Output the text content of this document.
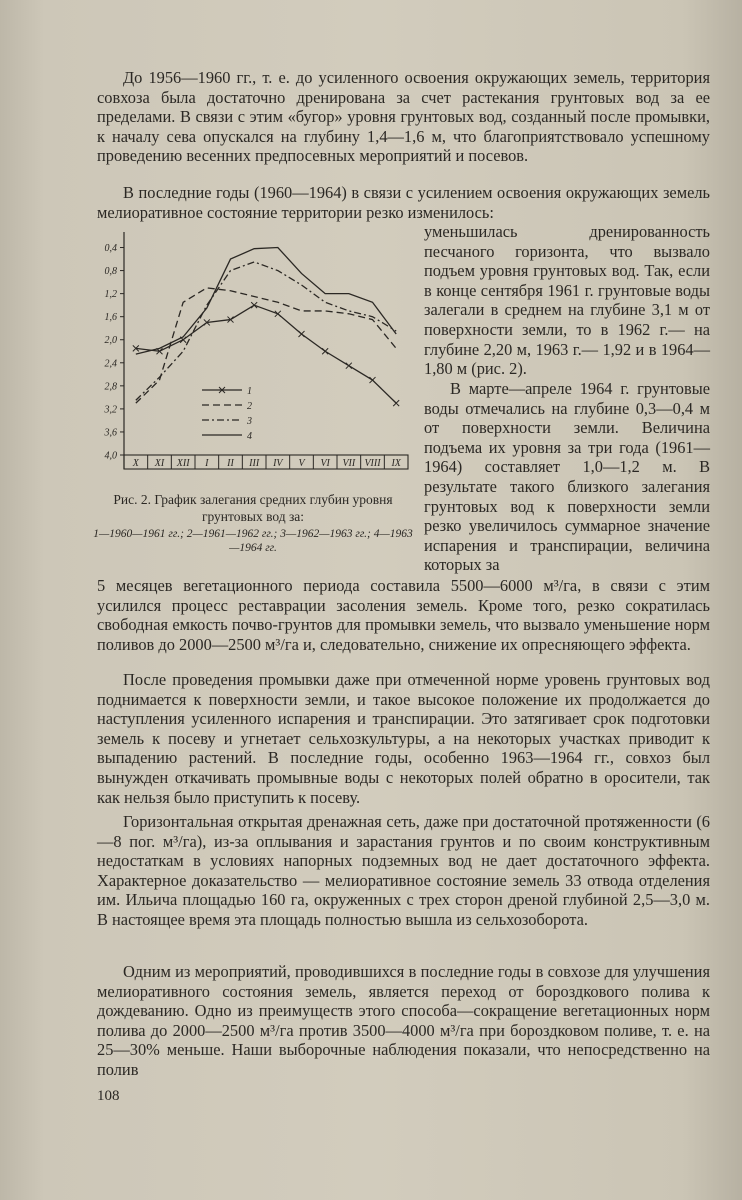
До 1956—1960 гг., т. е. до усиленного освоения окружающих земель, территория совхоза была достаточно дренирована за счет растекания грунтовых вод за ее пределами. В связи с этим «бугор» уровня грунтовых вод, созданный после промывки, к началу сева опускался на глубину 1,4—1,6 м, что благоприятствовало успешному проведению весенних предпосевных мероприятий и посевов.

В последние годы (1960—1964) в связи с усилением освоения окружающих земель мелиоративное состояние территории резко изменилось:

уменьшилась дренированность песчаного горизонта, что вызвало подъем уровня грунтовых вод. Так, если в конце сентября 1961 г. грунтовые воды залегали в среднем на глубине 3,1 м от поверхности земли, то в 1962 г.— на глубине 2,20 м, 1963 г.— 1,92 и в 1964—1,80 м (рис. 2).

В марте—апреле 1964 г. грунтовые воды отмечались на глубине 0,3—0,4 м от поверхности земли. Величина подъема их уровня за три года (1961—1964) составляет 1,0—1,2 м. В результате такого близкого залегания грунтовых вод к поверхности земли резко увеличилось суммарное значение испарения и транспирации, величина которых за

5 месяцев вегетационного периода составила 5500—6000 м³/га, в связи с этим усилился процесс реставрации засоления земель. Кроме того, резко сократилась свободная емкость почво-грунтов для промывки земель, что вызвало уменьшение норм поливов до 2000—2500 м³/га и, следовательно, снижение их опресняющего эффекта.

После проведения промывки даже при отмеченной норме уровень грунтовых вод поднимается к поверхности земли, и такое высокое положение их продолжается до наступления усиленного испарения и транспирации. Это затягивает срок подготовки земель к посеву и угнетает сельхозкультуры, а на некоторых участках приводит к выпадению растений. В последние годы, особенно 1963—1964 гг., совхоз был вынужден откачивать промывные воды с некоторых полей обратно в оросители, так как нельзя было приступить к посеву.

Горизонтальная открытая дренажная сеть, даже при достаточной протяженности (6—8 пог. м³/га), из-за оплывания и зарастания грунтов и по своим конструктивным недостаткам в условиях напорных подземных вод не дает достаточного эффекта. Характерное доказательство — мелиоративное состояние земель 33 отвода отделения им. Ильича площадью 160 га, окруженных с трех сторон дреной глубиной 2,5—3,0 м. В настоящее время эта площадь полностью вышла из сельхозоборота.

Одним из мероприятий, проводившихся в последние годы в совхозе для улучшения мелиоративного состояния земель, является переход от бороздкового полива к дождеванию. Одно из преимуществ этого способа—сокращение вегетационных норм полива до 2000—2500 м³/га против 3500—4000 м³/га при бороздковом поливе, т. е. на 25—30% меньше. Наши выборочные наблюдения показали, что непосредственно на полив

108
0,4
0,8
1,2
1,6
2,0
2,4
2,8
3,2
3,6
4,0
X XI XII I II III IV V VI VII VIII IX
1
2
3
4
Рис. 2. График залегания средних глубин уровня грунтовых вод за:
1—1960—1961 гг.; 2—1961—1962 гг.; 3—1962—1963 гг.; 4—1963—1964 гг.
